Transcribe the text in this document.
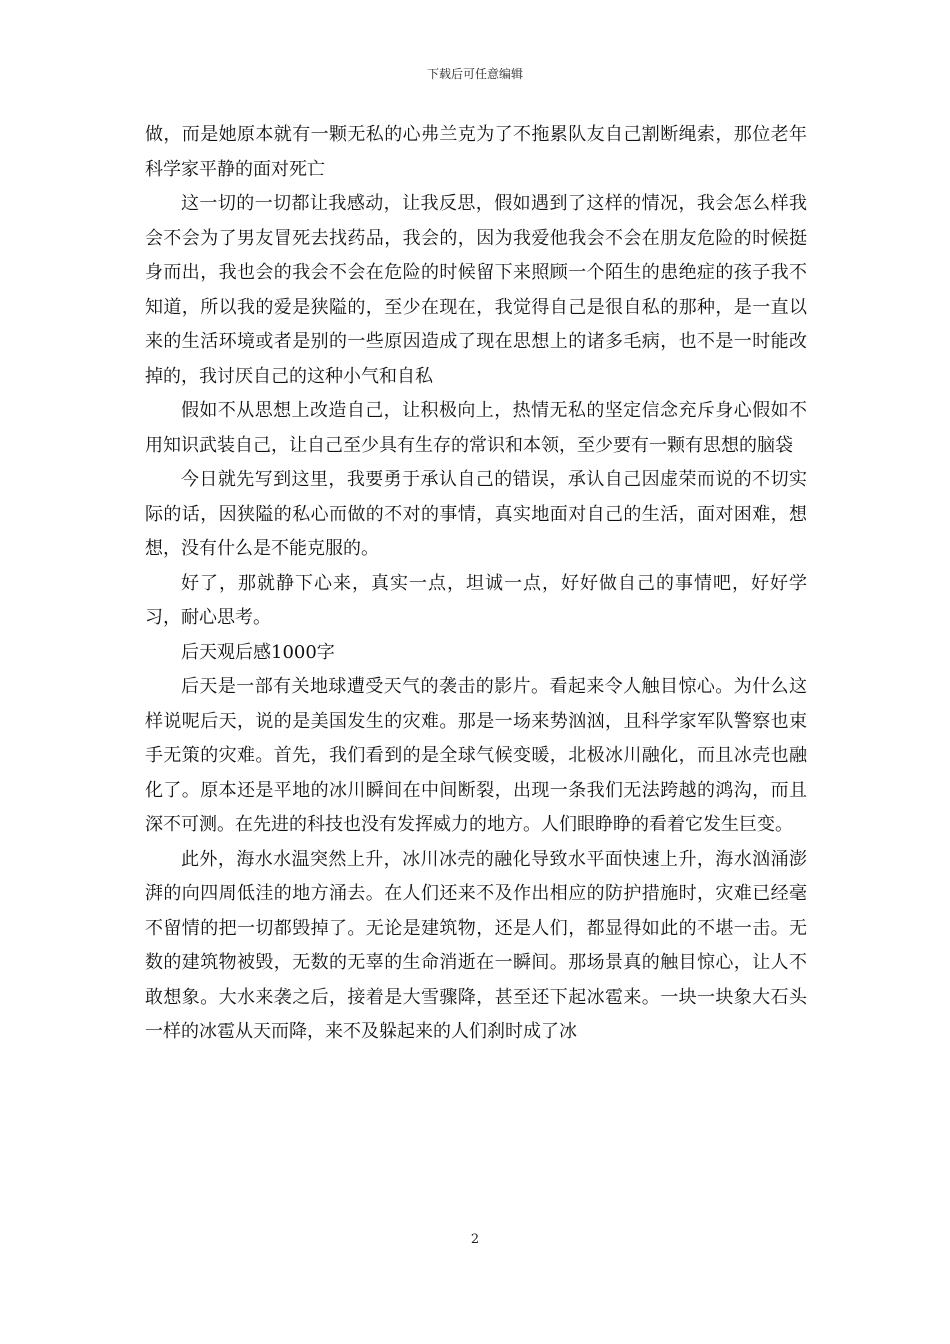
下载后可任意编辑

做，而是她原本就有一颗无私的心弗兰克为了不拖累队友自己割断绳索，那位老年科学家平静的面对死亡

这一切的一切都让我感动，让我反思，假如遇到了这样的情况，我会怎么样我会不会为了男友冒死去找药品，我会的，因为我爱他我会不会在朋友危险的时候挺身而出，我也会的我会不会在危险的时候留下来照顾一个陌生的患绝症的孩子我不知道，所以我的爱是狭隘的，至少在现在，我觉得自己是很自私的那种，是一直以来的生活环境或者是别的一些原因造成了现在思想上的诸多毛病，也不是一时能改掉的，我讨厌自己的这种小气和自私

假如不从思想上改造自己，让积极向上，热情无私的坚定信念充斥身心假如不用知识武装自己，让自己至少具有生存的常识和本领，至少要有一颗有思想的脑袋

今日就先写到这里，我要勇于承认自己的错误，承认自己因虚荣而说的不切实际的话，因狭隘的私心而做的不对的事情，真实地面对自己的生活，面对困难，想想，没有什么是不能克服的。

好了，那就静下心来，真实一点，坦诚一点，好好做自己的事情吧，好好学习，耐心思考。

后天观后感1000字

后天是一部有关地球遭受天气的袭击的影片。看起来令人触目惊心。为什么这样说呢后天，说的是美国发生的灾难。那是一场来势汹汹，且科学家军队警察也束手无策的灾难。首先，我们看到的是全球气候变暖，北极冰川融化，而且冰壳也融化了。原本还是平地的冰川瞬间在中间断裂，出现一条我们无法跨越的鸿沟，而且深不可测。在先进的科技也没有发挥威力的地方。人们眼睁睁的看着它发生巨变。

此外，海水水温突然上升，冰川冰壳的融化导致水平面快速上升，海水汹涌澎湃的向四周低洼的地方涌去。在人们还来不及作出相应的防护措施时，灾难已经毫不留情的把一切都毁掉了。无论是建筑物，还是人们，都显得如此的不堪一击。无数的建筑物被毁，无数的无辜的生命消逝在一瞬间。那场景真的触目惊心，让人不敢想象。大水来袭之后，接着是大雪骤降，甚至还下起冰雹来。一块一块象大石头一样的冰雹从天而降，来不及躲起来的人们刹时成了冰

2
